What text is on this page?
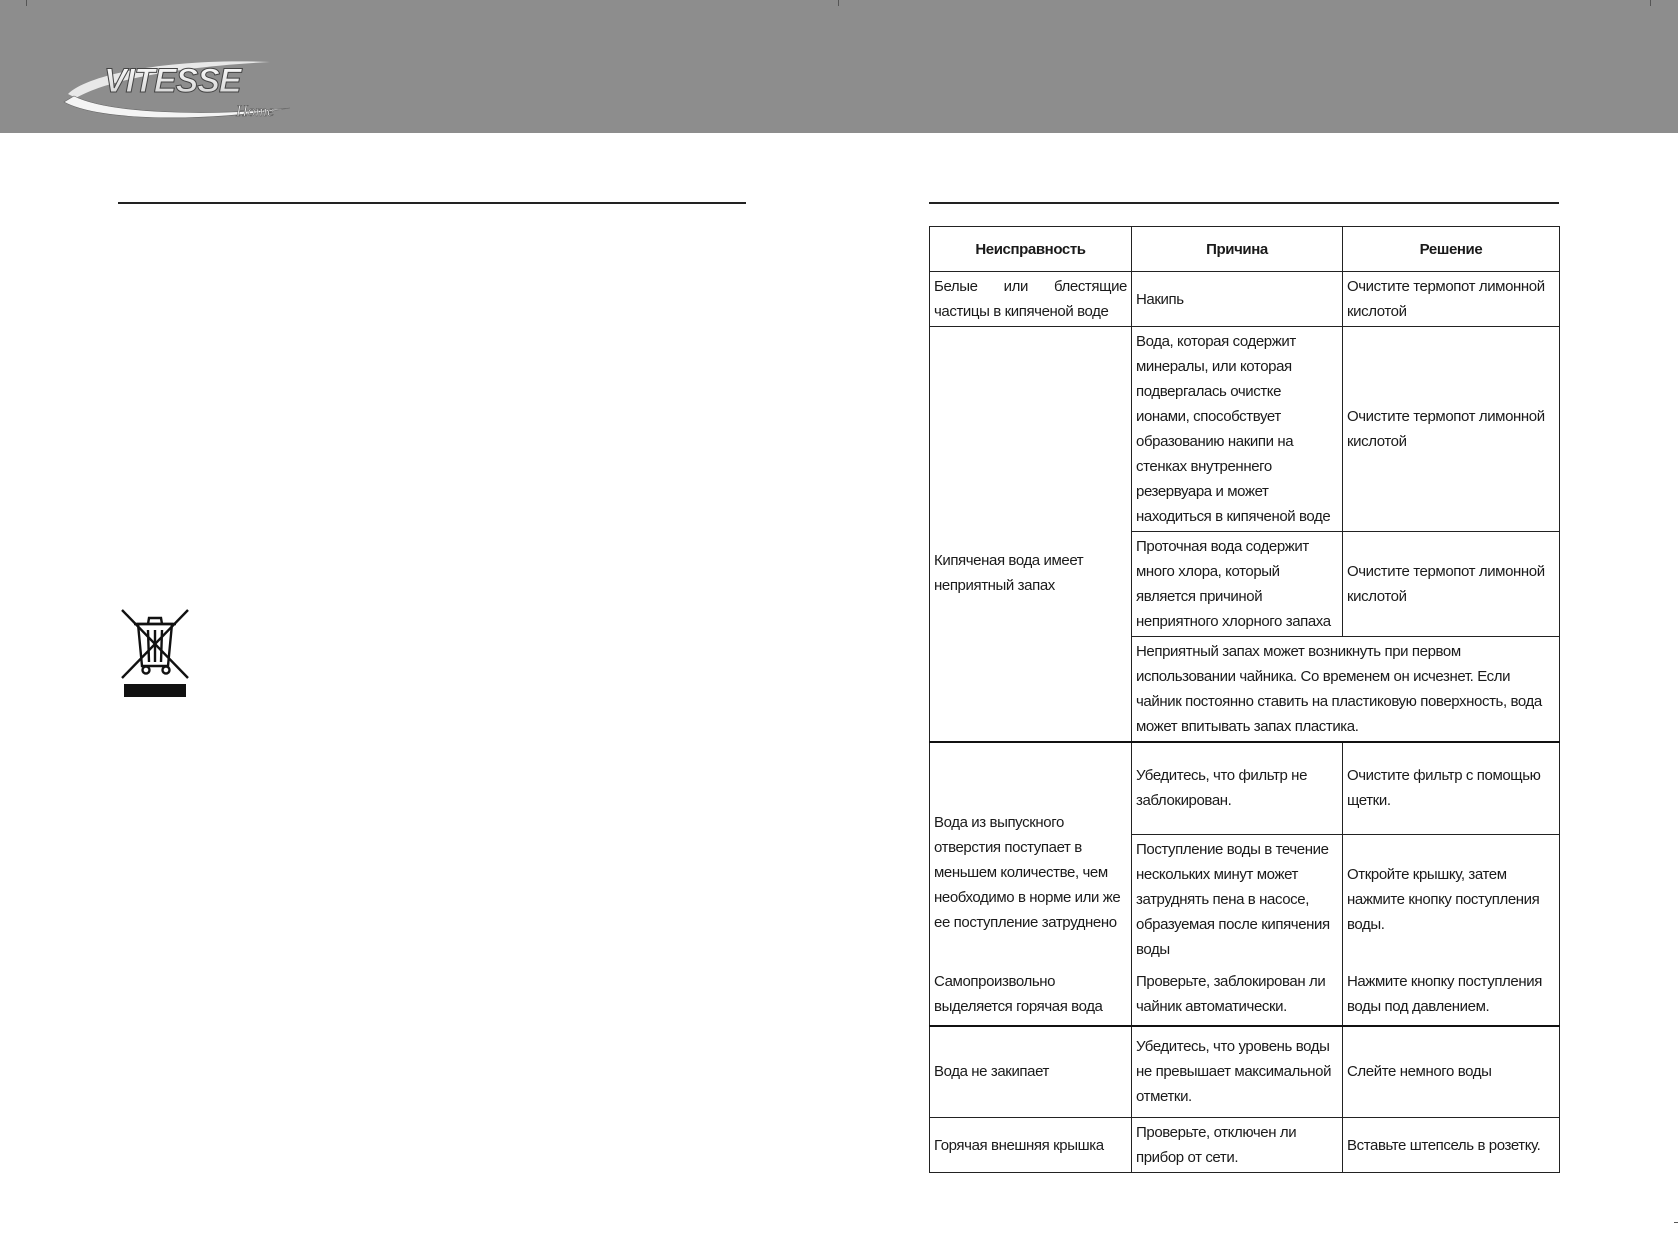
VITESSE
Home
Неисправность	Причина	Решение
Белые или блестящие частицы в кипяченой воде	Накипь	Очистите термопот лимонной кислотой
Кипяченая вода имеет неприятный запах	Вода, которая содержит минералы, или которая подвергалась очистке ионами, способствует образованию накипи на стенках внутреннего резервуара и может находиться в кипяченой воде	Очистите термопот лимонной кислотой
	Проточная вода содержит много хлора, который является причиной неприятного хлорного запаха	Очистите термопот лимонной кислотой
	Неприятный запах может возникнуть при первом использовании чайника. Со временем он исчезнет. Если чайник постоянно ставить на пластиковую поверхность, вода может впитывать запах пластика.	
Вода из выпускного отверстия поступает в меньшем количестве, чем необходимо в норме или же ее поступление затруднено	Убедитесь, что фильтр не заблокирован.	Очистите фильтр с помощью щетки.
	Поступление воды в течение нескольких минут может затруднять пена в насосе, образуемая после кипячения воды	Откройте крышку, затем нажмите кнопку поступления воды.
Самопроизвольно выделяется горячая вода	Проверьте, заблокирован ли чайник автоматически.	Нажмите кнопку поступления воды под давлением.
Вода не закипает	Убедитесь, что уровень воды не превышает максимальной отметки.	Слейте немного воды
Горячая внешняя крышка	Проверьте, отключен ли прибор от сети.	Вставьте штепсель в розетку.
